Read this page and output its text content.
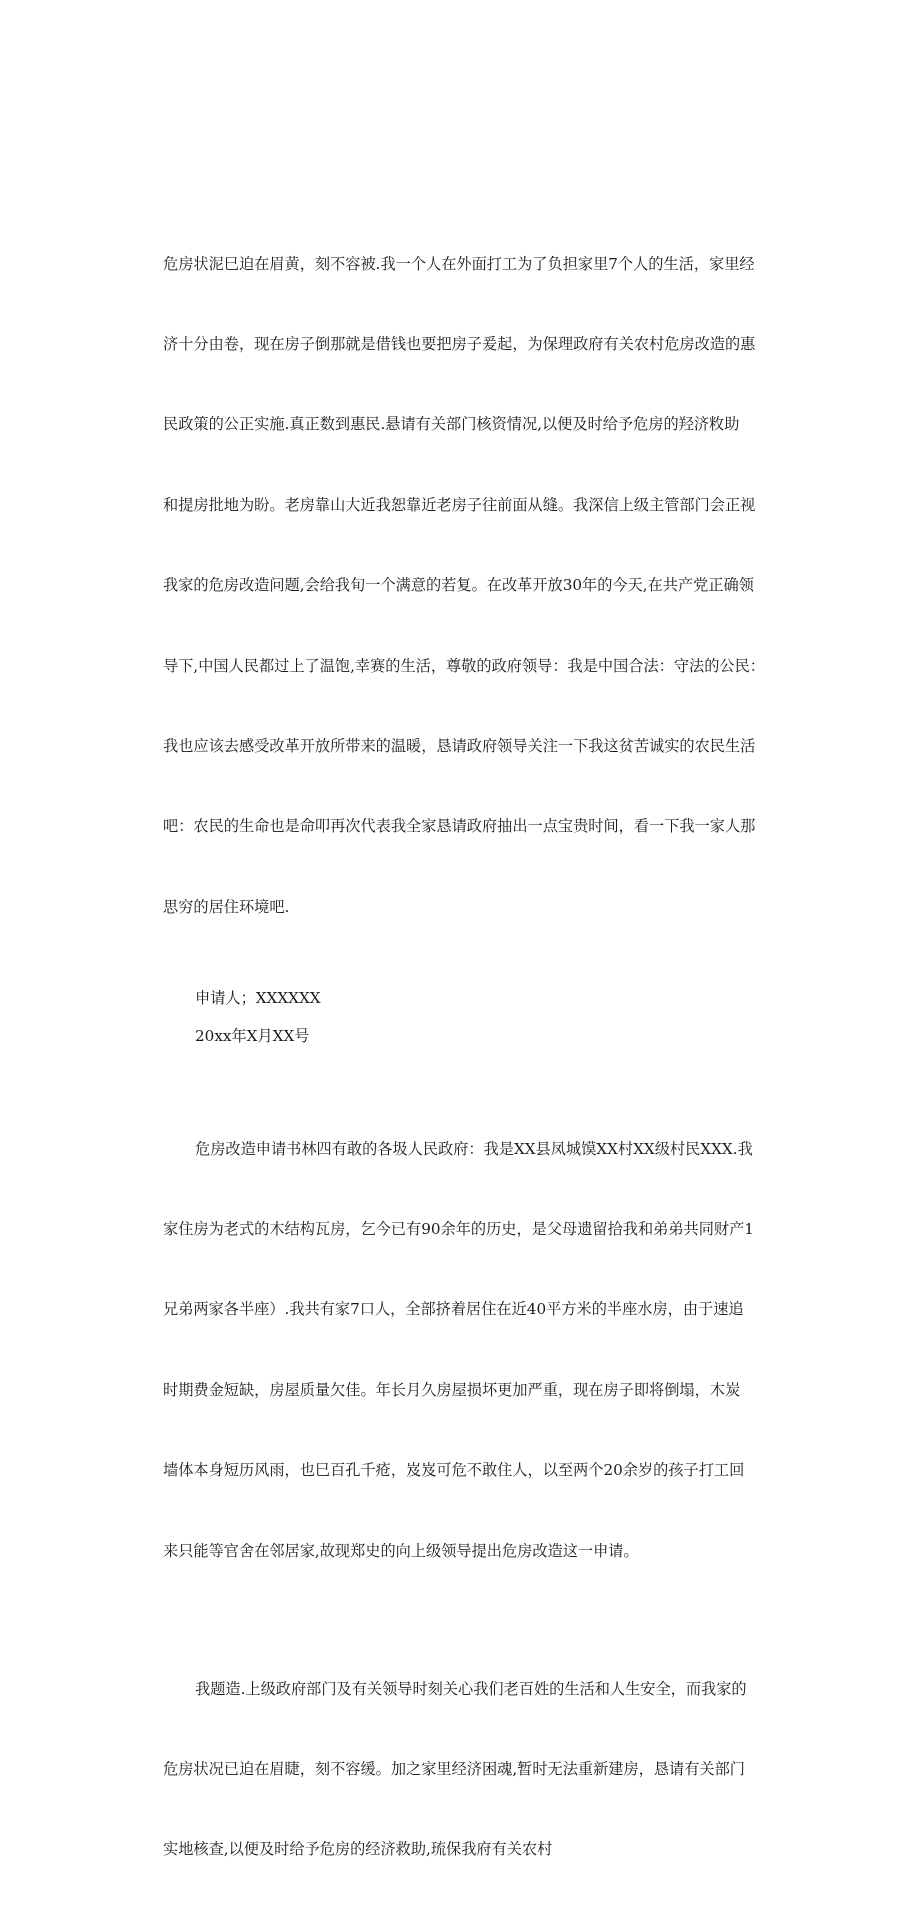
危房状泥巳迫在眉黄，刻不容被.我一个人在外面打工为了负担家里7个人的生活，家里经

济十分由卷，现在房子倒那就是借钱也要把房子爰起，为保理政府有关农村危房改造的惠

民政策的公正实施.真正数到惠民.悬请有关部门核资情况,以便及时给予危房的羟济敉助

和提房批地为盼。老房靠山大近我恕靠近老房子往前面从缝。我深信上级主管部门会正视

我家的危房改造问题,会给我旬一个满意的若复。在改革开放30年的今天,在共产党正确领

导下,中国人民都过上了温饱,幸赛的生活，尊敬的政府领导：我是中国合法：守法的公民：

我也应该去感受改革开放所带来的温暖，恳请政府领导关注一下我这贫苦诚实的农民生活

吧：农民的生命也是命叩再次代表我全家恳请政府抽出一点宝贵时间，看一下我一家人那

思穷的居住环境吧.

申请人；XXXXXX

20xx年X月XX号

危房改造申请书林四有敢的各圾人民政府：我是XX县凤城馍XX村XX级村民XXX.我

家住房为老式的木结构瓦房，乞今已有90余年的历史，是父母遗留拾我和弟弟共同财产1

兄弟两家各半座）.我共有家7口人，全部挤着居住在近40平方米的半座水房，由于速追

时期费金短缺，房屋质量欠佳。年长月久房屋损坏更加严重，现在房子即将倒塌，木炭

墙体本身短历风雨，也巳百孔千疮，岌岌可危不敢住人，以至两个20余岁的孩子打工回

来只能等官舍在邻居家,故现郑史的向上级领导提出危房改造这一申请。

我题造.上级政府部门及有关领导时刻关心我们老百姓的生活和人生安全，而我家的

危房状况已迫在眉睫，刻不容缓。加之家里经济困魂,暂时无法重新建房，恳请有关部门

实地核查,以便及时给予危房的经济救助,琉保我府有关农村
